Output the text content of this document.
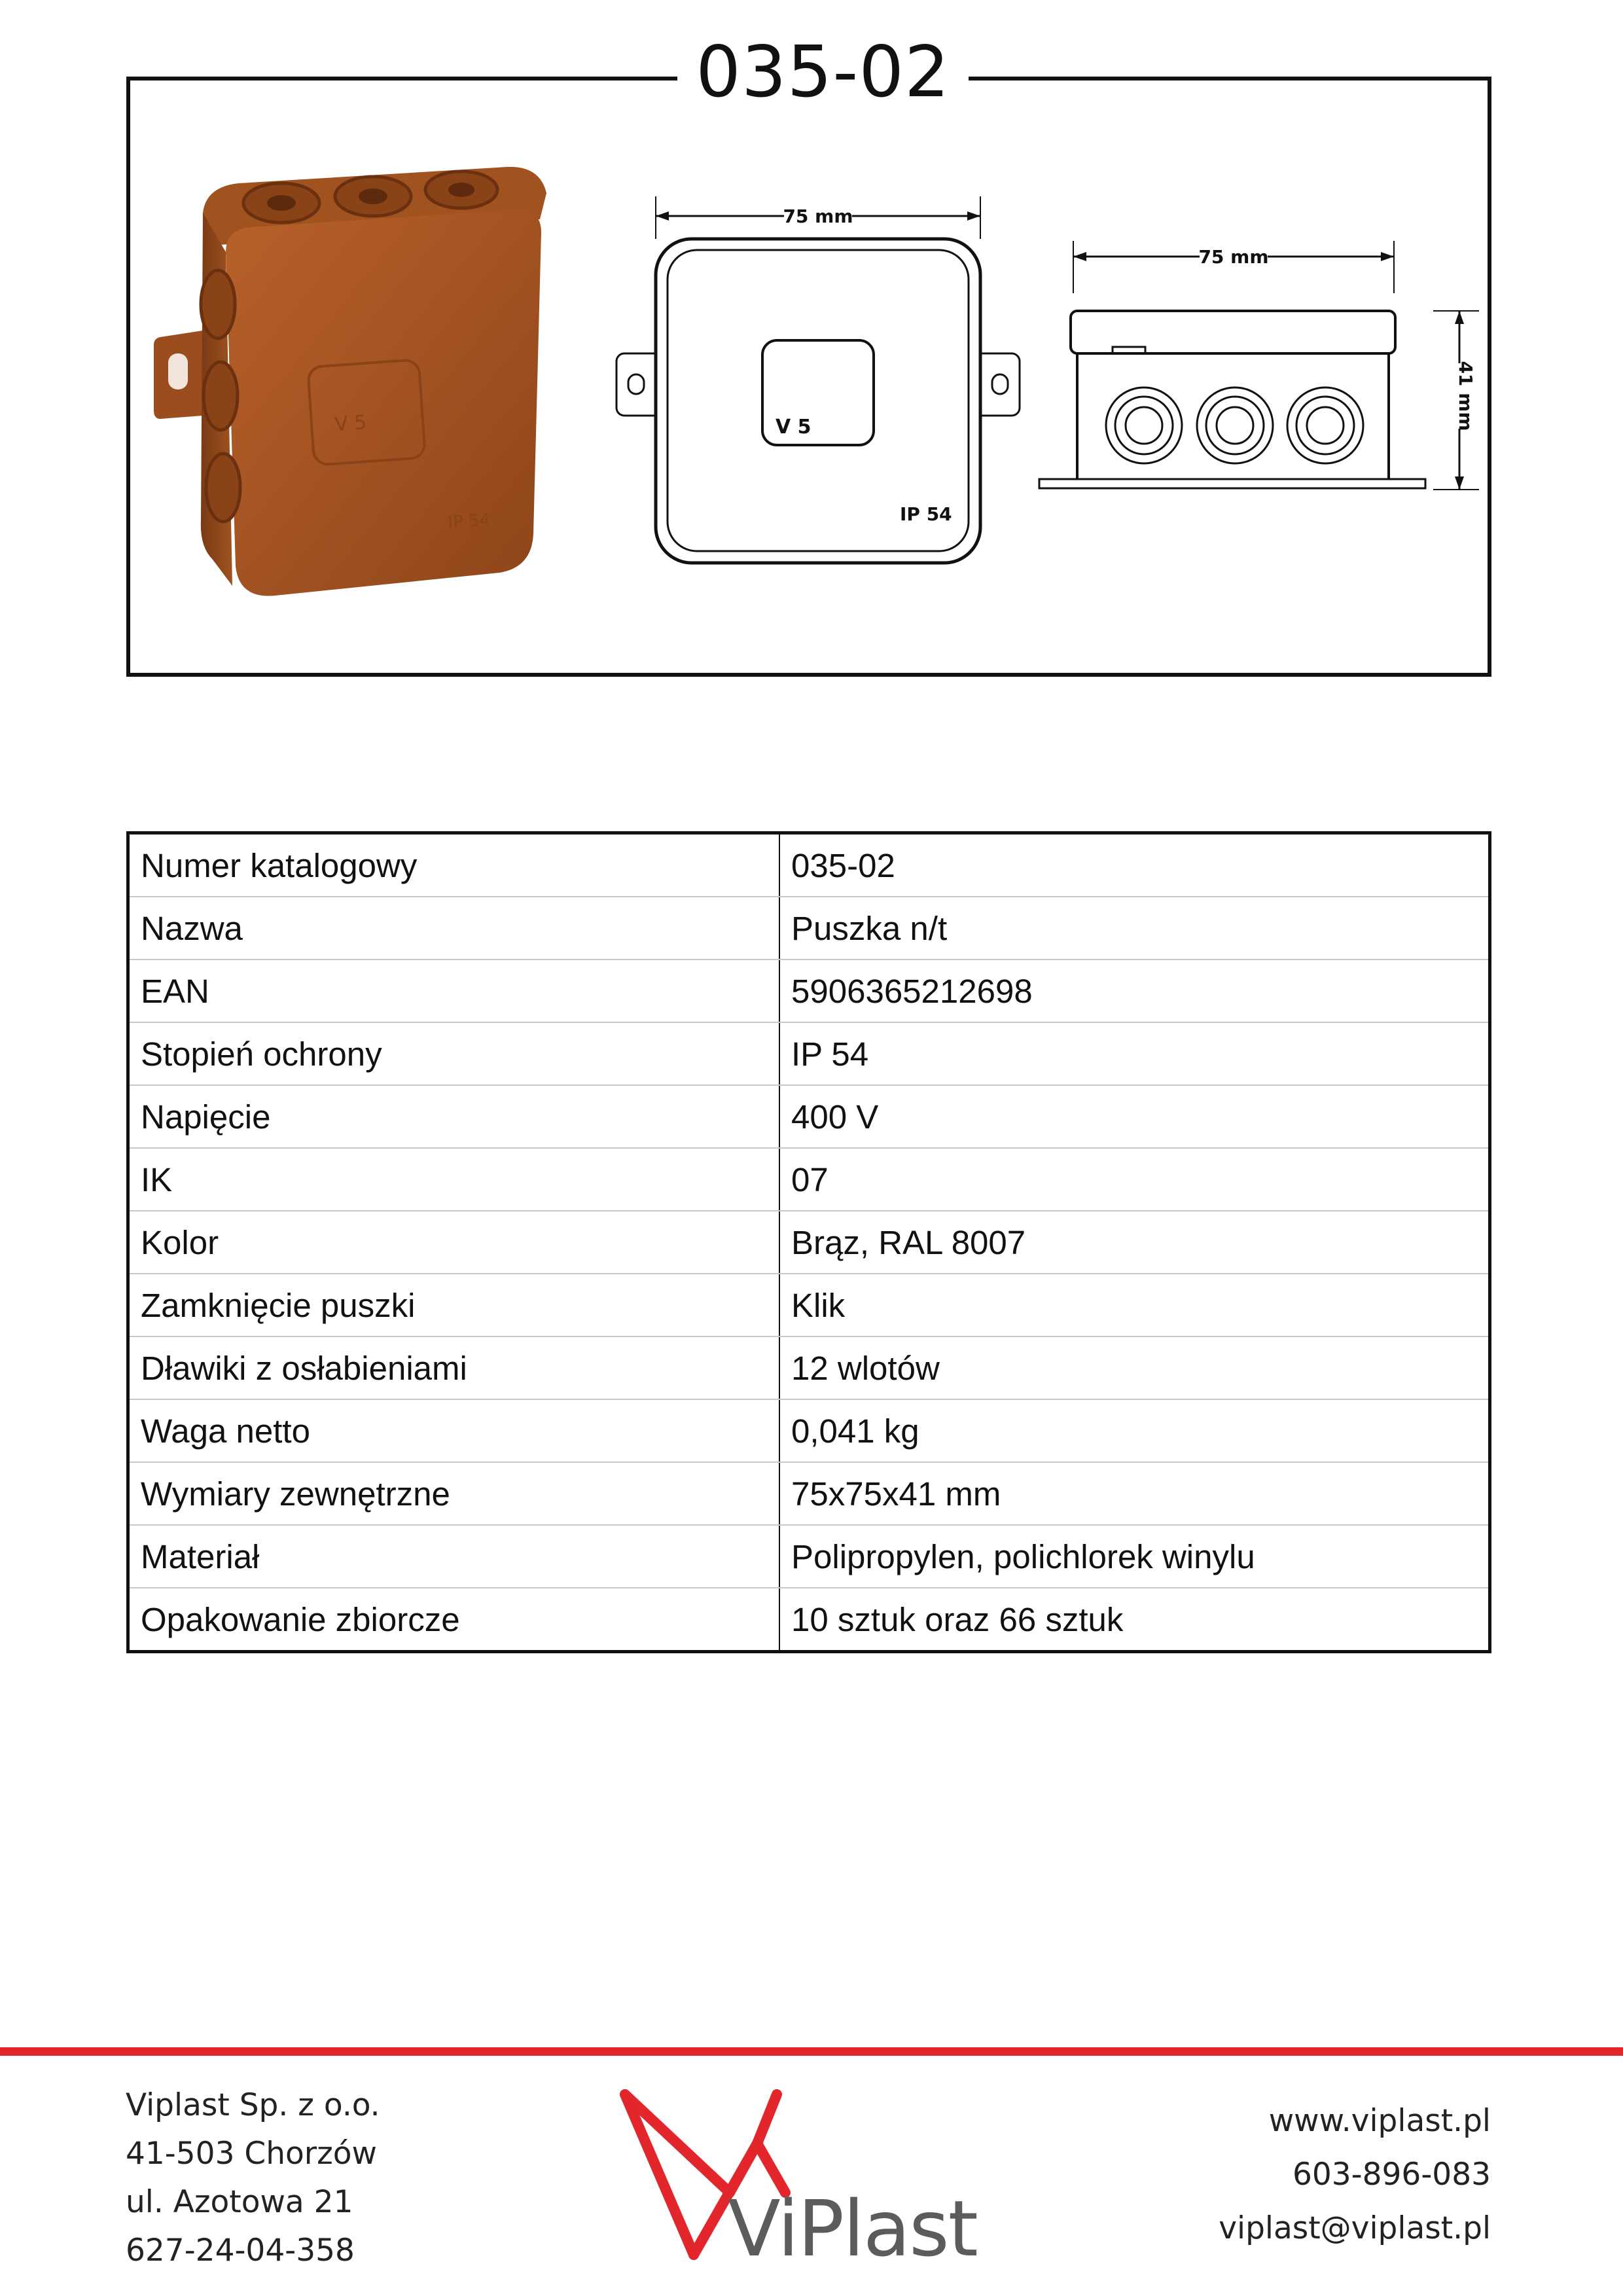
035-02
V 5
IP 54
75 mm
V 5
IP 54
75 mm
41 mm
Numer katalogowy	035-02
Nazwa	Puszka n/t
EAN	5906365212698
Stopień ochrony	IP 54
Napięcie	400 V
IK	07
Kolor	Brąz, RAL 8007
Zamknięcie puszki	Klik
Dławiki z osłabieniami	12 wlotów
Waga netto	0,041 kg
Wymiary zewnętrzne	75x75x41 mm
Materiał	Polipropylen, polichlorek winylu
Opakowanie zbiorcze	10 sztuk oraz 66 sztuk
Viplast Sp. z o.o.
41-503 Chorzów
ul. Azotowa 21
627-24-04-358	ViPlast
www.viplast.pl
603-896-083
viplast@viplast.pl
